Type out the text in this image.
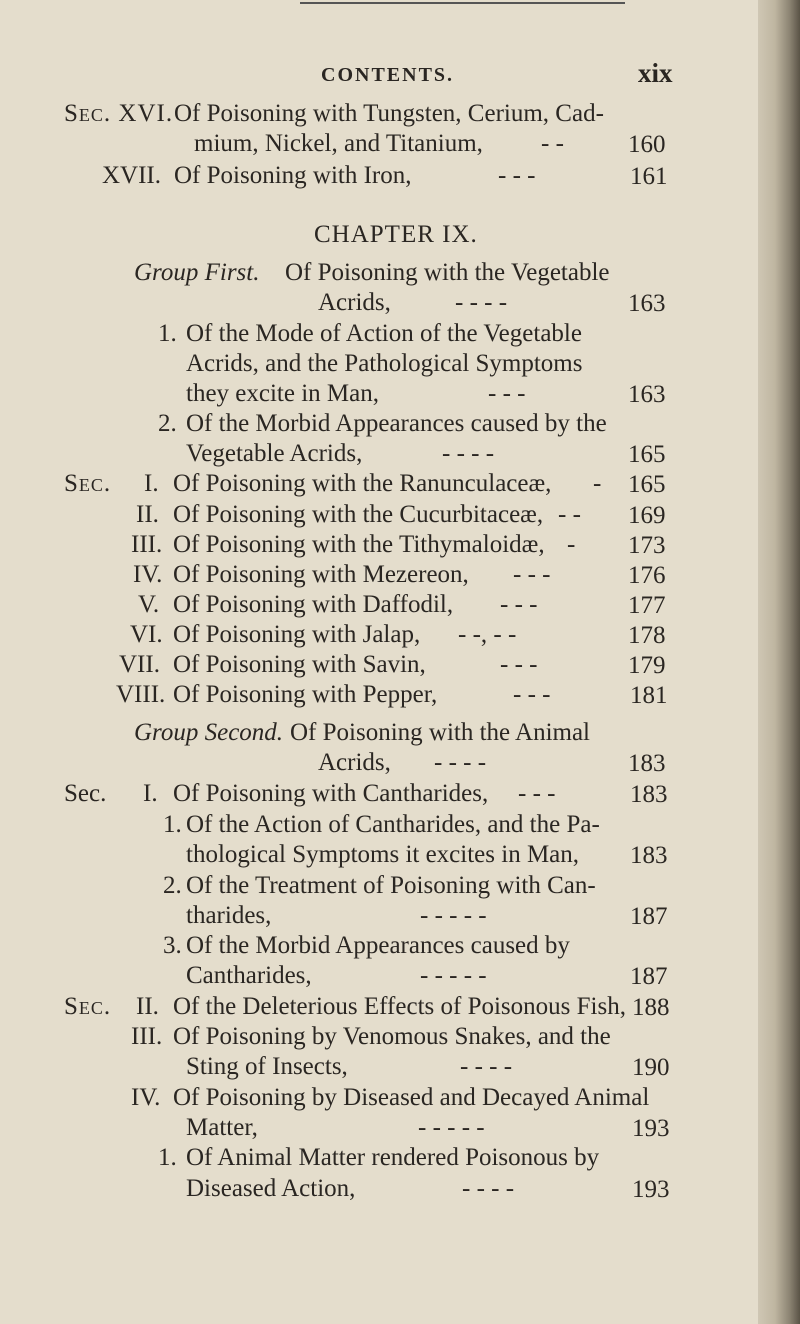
CONTENTS.	xix
Sec. XVI. Of Poisoning with Tungsten, Cerium, Cad-
mium, Nickel, and Titanium, - -	160
XVII. Of Poisoning with Iron,	- - -	161
CHAPTER IX.
Group First. Of Poisoning with the Vegetable
Acrids,	- - - -	163
1. Of the Mode of Action of the Vegetable
Acrids, and the Pathological Symptoms
they excite in Man,	- - -	163
2. Of the Morbid Appearances caused by the
Vegetable Acrids,	- - - -	165
Sec. I. Of Poisoning with the Ranunculaceæ, - 165
II. Of Poisoning with the Cucurbitaceæ, - - 169
III. Of Poisoning with the Tithymaloidæ, - 173
IV. Of Poisoning with Mezereon, - - -	176
V. Of Poisoning with Daffodil, - - -	177
VI. Of Poisoning with Jalap, - -, - -	178
VII. Of Poisoning with Savin,	- - -	179
VIII. Of Poisoning with Pepper,	- - -	181
Group Second. Of Poisoning with the Animal
Acrids, - - - -	183
Sec. I. Of Poisoning with Cantharides, - - -	183
1. Of the Action of Cantharides, and the Pa-
thological Symptoms it excites in Man, 183
2. Of the Treatment of Poisoning with Can-
tharides,	- - - - -	187
3. Of the Morbid Appearances caused by
Cantharides,	- - - - -	187
Sec. II. Of the Deleterious Effects of Poisonous Fish, 188
III. Of Poisoning by Venomous Snakes, and the
Sting of Insects,	- - - -	190
IV. Of Poisoning by Diseased and Decayed Animal
Matter,	- - - - -	193
1. Of Animal Matter rendered Poisonous by
Diseased Action,	- - - -	193
